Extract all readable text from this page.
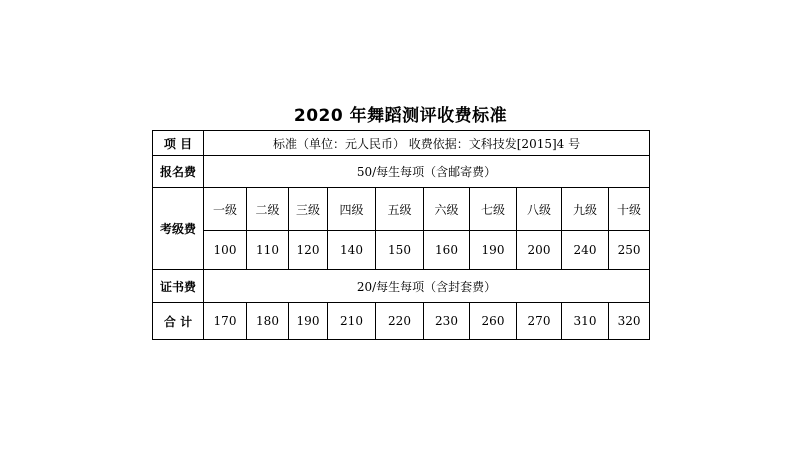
2020 年舞蹈测评收费标准
项 目	标准（单位：元人民币） 收费依据：文科技发[2015]4 号									
报名费	50/每生每项（含邮寄费）									
考级费	一级	二级	三级	四级	五级	六级	七级	八级	九级	十级
	100	110	120	140	150	160	190	200	240	250
证书费	20/每生每项（含封套费）									
合 计	170	180	190	210	220	230	260	270	310	320
